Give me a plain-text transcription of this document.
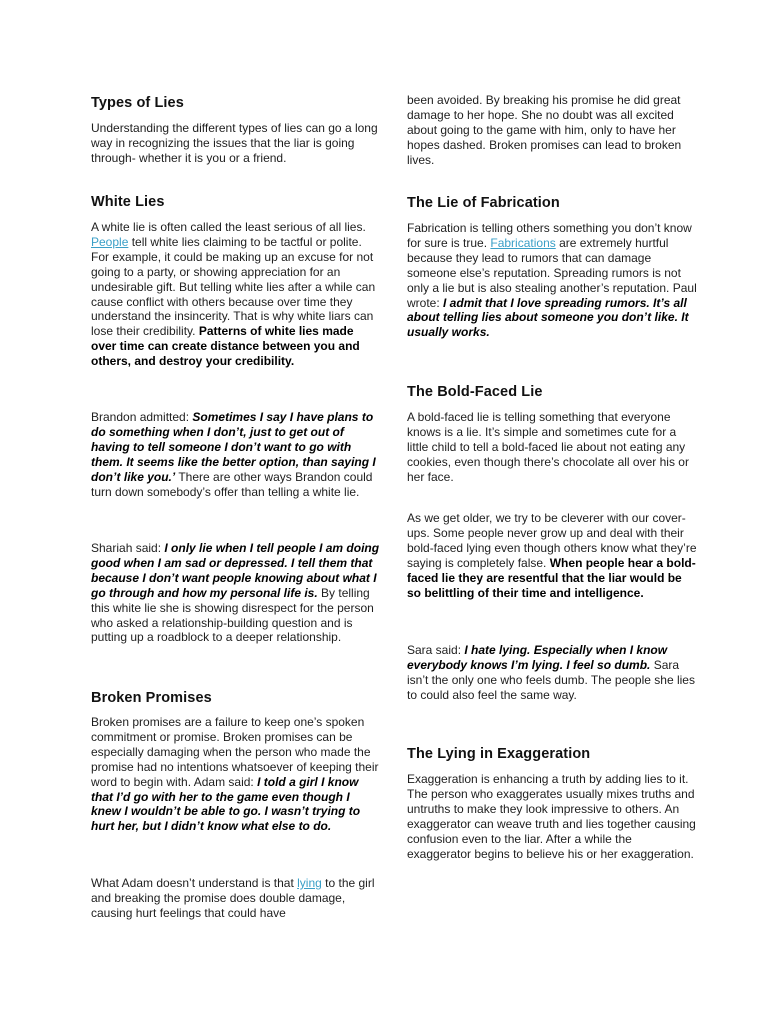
Types of Lies

Understanding the different types of lies can go a long way in recognizing the issues that the liar is going through- whether it is you or a friend.

White Lies

A white lie is often called the least serious of all lies. People tell white lies claiming to be tactful or polite. For example, it could be making up an excuse for not going to a party, or showing appreciation for an undesirable gift. But telling white lies after a while can cause conflict with others because over time they understand the insincerity. That is why white liars can lose their credibility. Patterns of white lies made over time can create distance between you and others, and destroy your credibility.

Brandon admitted: Sometimes I say I have plans to do something when I don’t, just to get out of having to tell someone I don’t want to go with them. It seems like the better option, than saying I don’t like you.’ There are other ways Brandon could turn down somebody’s offer than telling a white lie.

Shariah said: I only lie when I tell people I am doing good when I am sad or depressed. I tell them that because I don’t want people knowing about what I go through and how my personal life is. By telling this white lie she is showing disrespect for the person who asked a relationship-building question and is putting up a roadblock to a deeper relationship.

Broken Promises

Broken promises are a failure to keep one’s spoken commitment or promise. Broken promises can be especially damaging when the person who made the promise had no intentions whatsoever of keeping their word to begin with. Adam said: I told a girl I know that I’d go with her to the game even though I knew I wouldn’t be able to go. I wasn’t trying to hurt her, but I didn’t know what else to do.

What Adam doesn’t understand is that lying to the girl and breaking the promise does double damage, causing hurt feelings that could have

been avoided. By breaking his promise he did great damage to her hope. She no doubt was all excited about going to the game with him, only to have her hopes dashed. Broken promises can lead to broken lives.

The Lie of Fabrication

Fabrication is telling others something you don’t know for sure is true. Fabrications are extremely hurtful because they lead to rumors that can damage someone else’s reputation. Spreading rumors is not only a lie but is also stealing another’s reputation. Paul wrote: I admit that I love spreading rumors. It’s all about telling lies about someone you don’t like. It usually works.

The Bold-Faced Lie

A bold-faced lie is telling something that everyone knows is a lie. It’s simple and sometimes cute for a little child to tell a bold-faced lie about not eating any cookies, even though there’s chocolate all over his or her face.

As we get older, we try to be cleverer with our cover-ups. Some people never grow up and deal with their bold-faced lying even though others know what they’re saying is completely false. When people hear a bold-faced lie they are resentful that the liar would be so belittling of their time and intelligence.

Sara said: I hate lying. Especially when I know everybody knows I’m lying. I feel so dumb. Sara isn’t the only one who feels dumb. The people she lies to could also feel the same way.

The Lying in Exaggeration

Exaggeration is enhancing a truth by adding lies to it. The person who exaggerates usually mixes truths and untruths to make they look impressive to others. An exaggerator can weave truth and lies together causing confusion even to the liar. After a while the exaggerator begins to believe his or her exaggeration.
